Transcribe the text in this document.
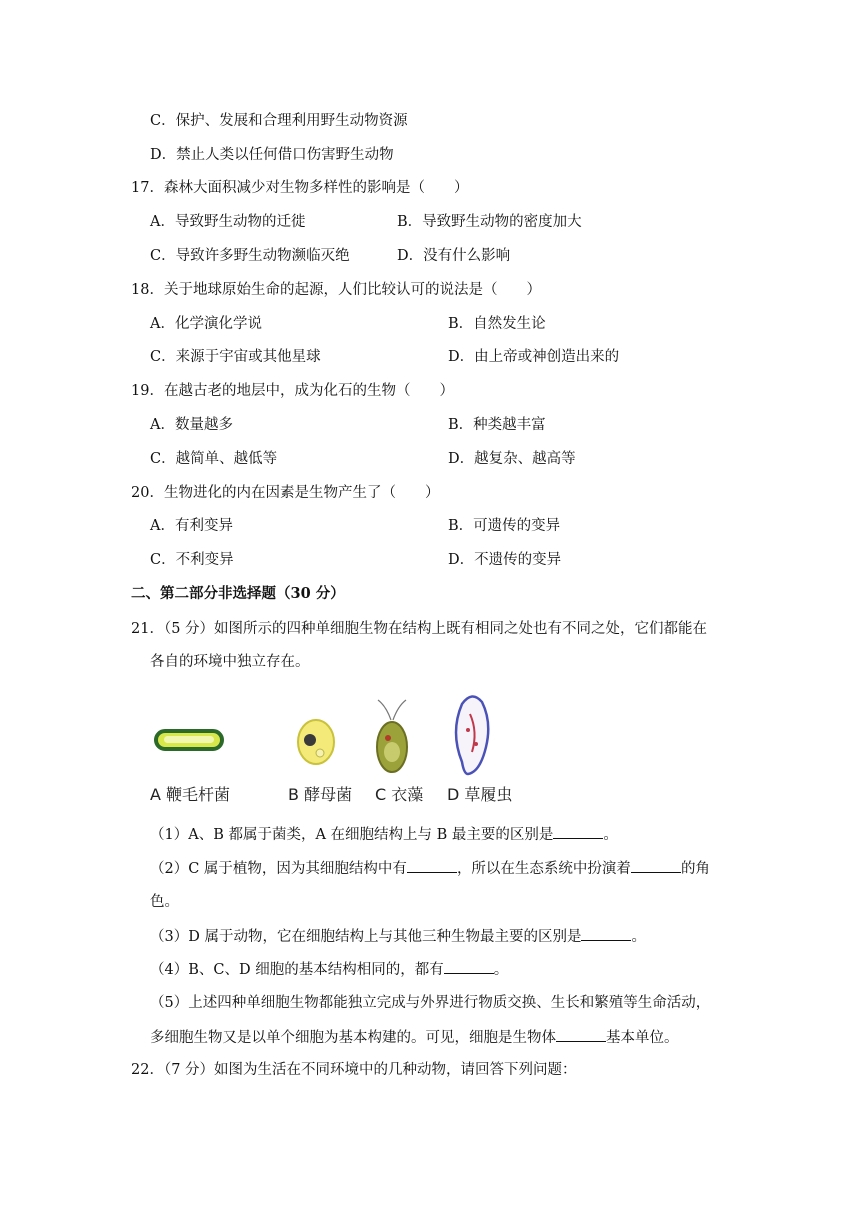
C．保护、发展和合理利用野生动物资源
D．禁止人类以任何借口伤害野生动物
17．森林大面积减少对生物多样性的影响是（　　）
A．导致野生动物的迁徙	B．导致野生动物的密度加大
C．导致许多野生动物濒临灭绝	D．没有什么影响
18．关于地球原始生命的起源，人们比较认可的说法是（　　）
A．化学演化学说	B．自然发生论
C．来源于宇宙或其他星球	D．由上帝或神创造出来的
19．在越古老的地层中，成为化石的生物（　　）
A．数量越多	B．种类越丰富
C．越简单、越低等	D．越复杂、越高等
20．生物进化的内在因素是生物产生了（　　）
A．有利变异	B．可遗传的变异
C．不利变异	D．不遗传的变异
二、第二部分非选择题（30 分）
21．（5 分）如图所示的四种单细胞生物在结构上既有相同之处也有不同之处，它们都能在
各自的环境中独立存在。
A 鞭毛杆菌	B 酵母菌 C 衣藻 D 草履虫
（1）A、B 都属于菌类，A 在细胞结构上与 B 最主要的区别是	。
（2）C 属于植物，因为其细胞结构中有	，所以在生态系统中扮演着	的角
色。
（3）D 属于动物，它在细胞结构上与其他三种生物最主要的区别是	。
（4）B、C、D 细胞的基本结构相同的，都有	。
（5）上述四种单细胞生物都能独立完成与外界进行物质交换、生长和繁殖等生命活动，
多细胞生物又是以单个细胞为基本构建的。可见，细胞是生物体	基本单位。
22．（7 分）如图为生活在不同环境中的几种动物，请回答下列问题：
